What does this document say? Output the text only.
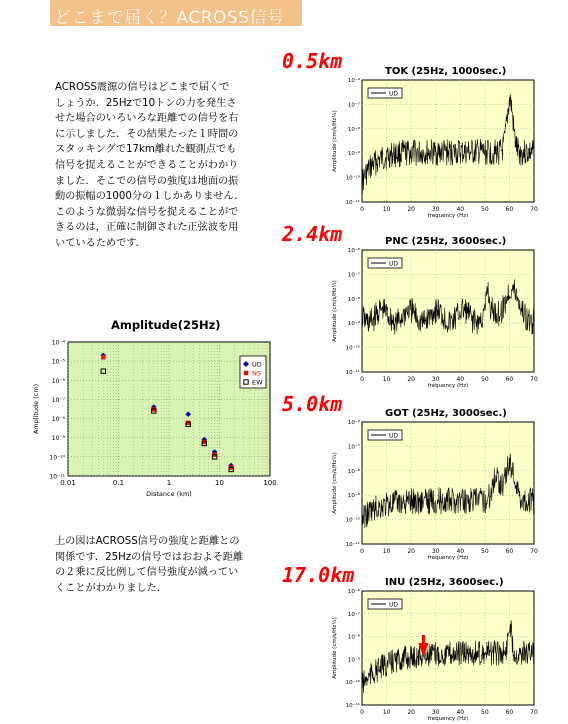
どこまで届く？ACROSS信号
ACROSS震源の信号はどこまで届くで
しょうか．25Hzで10トンの力を発生さ
せた場合のいろいろな距離での信号を右
に示しました．その結果たった１時間の
スタッキングで17km離れた観測点でも
信号を捉えることができることがわかり
ました．そこでの信号の強度は地面の振
動の振幅の1000分の１しかありません．
このような微弱な信号を捉えることがで
きるのは，正確に制御された正弦波を用
いているためです．
上の図はACROSS信号の強度と距離との
関係です．25Hzの信号ではおおよそ距離
の２乗に反比例して信号強度が減ってい
くことがわかりました．
0.5km
2.4km
5.0km
17.0km
TOK (25Hz, 1000sec.)
PNC (25Hz, 3600sec.)
GOT (25Hz, 3000sec.)
INU (25Hz, 3600sec.)
0	10	20	30	40	50	60	70
10⁻⁶
10⁻⁷
10⁻⁸
10⁻⁹
10⁻¹⁰
10⁻¹¹
frequency (Hz)
Amplitude (cm/s/Hz½)
UD
0	10	20	30	40	50	60	70
10⁻⁶
10⁻⁷
10⁻⁸
10⁻⁹
10⁻¹⁰
10⁻¹¹
frequency (Hz)
Amplitude (cm/s/Hz½)
UD
0	10	20	30	40	50	60	70
10⁻⁶
10⁻⁷
10⁻⁸
10⁻⁹
10⁻¹⁰
10⁻¹¹
frequency (Hz)
Amplitude (cm/s/Hz½)
UD
0	10	20	30	40	50	60	70
10⁻⁶
10⁻⁷
10⁻⁸
10⁻⁹
10⁻¹⁰
10⁻¹¹
frequency (Hz)
Amplitude (cm/s/Hz½)
UD
Amplitude(25Hz)
0.01	0.1	1	10	100
10⁻⁴
10⁻⁵
10⁻⁶
10⁻⁷
10⁻⁸
10⁻⁹
10⁻¹⁰
10⁻¹¹
Distance (km)
Amplitude (cm)
UD
NS
EW
